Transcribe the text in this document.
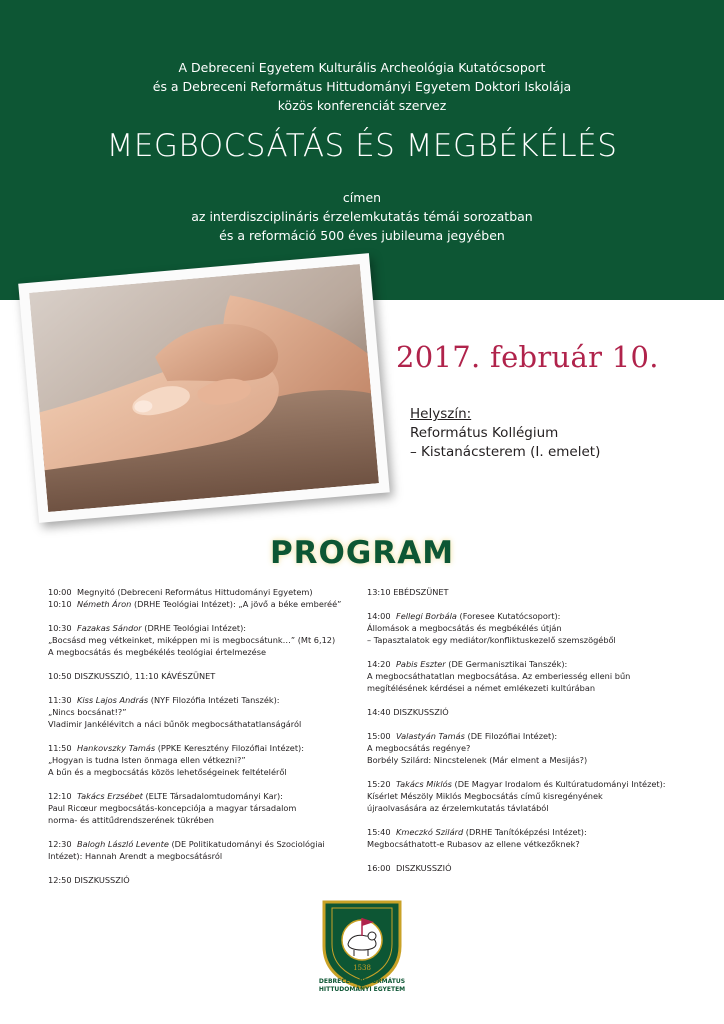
A Debreceni Egyetem Kulturális Archeológia Kutatócsoport
és a Debreceni Református Hittudományi Egyetem Doktori Iskolája
közös konferenciát szervez
MEGBOCSÁTÁS ÉS MEGBÉKÉLÉS
címen
az interdiszciplináris érzelemkutatás témái sorozatban
és a reformáció 500 éves jubileuma jegyében
2017. február 10.
Helyszín:
Református Kollégium
– Kistanácsterem (I. emelet)
PROGRAM
10:00 Megnyitó (Debreceni Református Hittudományi Egyetem)
10:10 Németh Áron (DRHE Teológiai Intézet): „A jövő a béke emberéé”
10:30 Fazakas Sándor (DRHE Teológiai Intézet):
„Bocsásd meg vétkeinket, miképpen mi is megbocsátunk…” (Mt 6,12)
A megbocsátás és megbékélés teológiai értelmezése
10:50 DISZKUSSZIÓ, 11:10 KÁVÉSZÜNET
11:30 Kiss Lajos András (NYF Filozófia Intézeti Tanszék):
„Nincs bocsánat!?”
Vladimir Jankélévitch a náci bűnök megbocsáthatatlanságáról
11:50 Hankovszky Tamás (PPKE Keresztény Filozófiai Intézet):
„Hogyan is tudna Isten önmaga ellen vétkezni?”
A bűn és a megbocsátás közös lehetőségeinek feltételéről
12:10 Takács Erzsébet (ELTE Társadalomtudományi Kar):
Paul Ricœur megbocsátás-koncepciója a magyar társadalom
norma- és attitűdrendszerének tükrében
12:30 Balogh László Levente (DE Politikatudományi és Szociológiai
Intézet): Hannah Arendt a megbocsátásról
12:50 DISZKUSSZIÓ
13:10 EBÉDSZÜNET
14:00 Fellegi Borbála (Foresee Kutatócsoport):
Állomások a megbocsátás és megbékélés útján
– Tapasztalatok egy mediátor/konfliktuskezelő szemszögéből
14:20 Pabis Eszter (DE Germanisztikai Tanszék):
A megbocsáthatatlan megbocsátása. Az emberiesség elleni bűn
megítélésének kérdései a német emlékezeti kultúrában
14:40 DISZKUSSZIÓ
15:00 Valastyán Tamás (DE Filozófiai Intézet):
A megbocsátás regénye?
Borbély Szilárd: Nincstelenek (Már elment a Mesijás?)
15:20 Takács Miklós (DE Magyar Irodalom és Kultúratudományi Intézet):
Kísérlet Mészöly Miklós Megbocsátás című kisregényének
újraolvasására az érzelemkutatás távlatából
15:40 Kmeczkó Szilárd (DRHE Tanítóképzési Intézet):
Megbocsáthatott-e Rubasov az ellene vétkezőknek?
16:00 DISZKUSSZIÓ
1538
DEBRECENI REFORMÁTUS
HITTUDOMÁNYI EGYETEM
